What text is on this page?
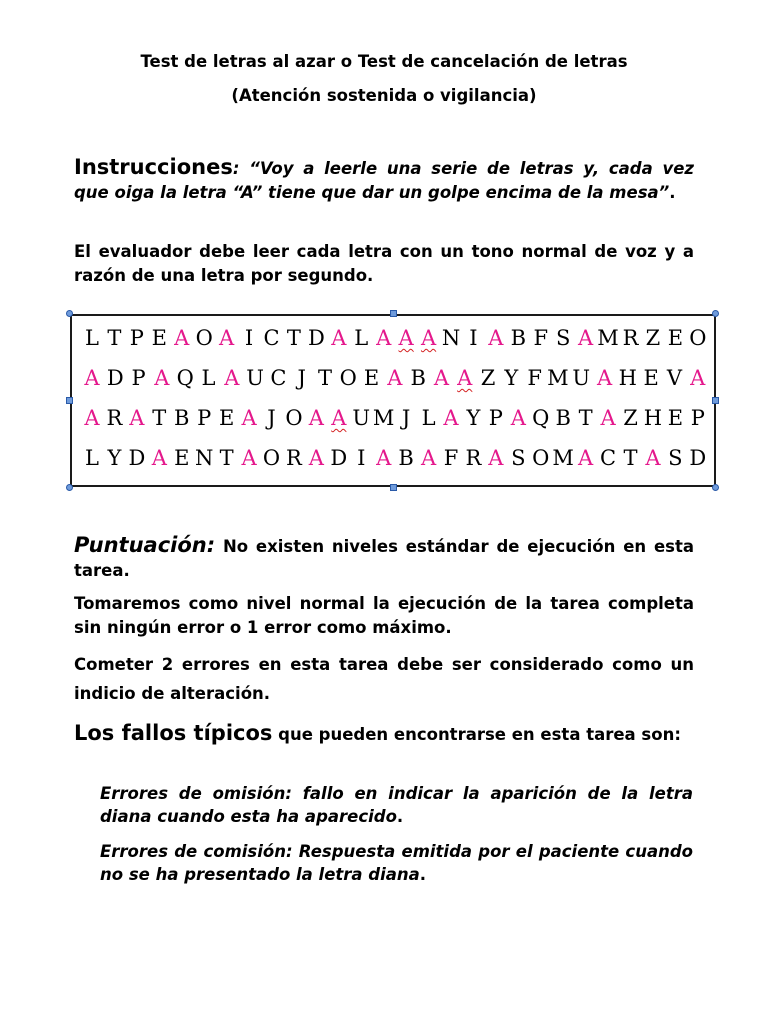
Test de letras al azar o Test de cancelación de letras
(Atención sostenida o vigilancia)

Instrucciones: “Voy a leerle una serie de letras y, cada vez que oiga la letra “A” tiene que dar un golpe encima de la mesa”.

El evaluador debe leer cada letra con un tono normal de voz y a razón de una letra por segundo.

L T P E A O A I C T D A L A A A N I A B F S A M R Z E O
A D P A Q L A U C J T O E A B A A Z Y F M U A H E V A
A R A T B P E A J O A A U M J L A Y P A Q B T A Z H E P
L Y D A E N T A O R A D I A B A F R A S O M A C T A S D

Puntuación: No existen niveles estándar de ejecución en esta tarea.

Tomaremos como nivel normal la ejecución de la tarea completa sin ningún error o 1 error como máximo.

Cometer 2 errores en esta tarea debe ser considerado como un indicio de alteración.

Los fallos típicos que pueden encontrarse en esta tarea son:

Errores de omisión: fallo en indicar la aparición de la letra diana cuando esta ha aparecido.

Errores de comisión: Respuesta emitida por el paciente cuando no se ha presentado la letra diana.
